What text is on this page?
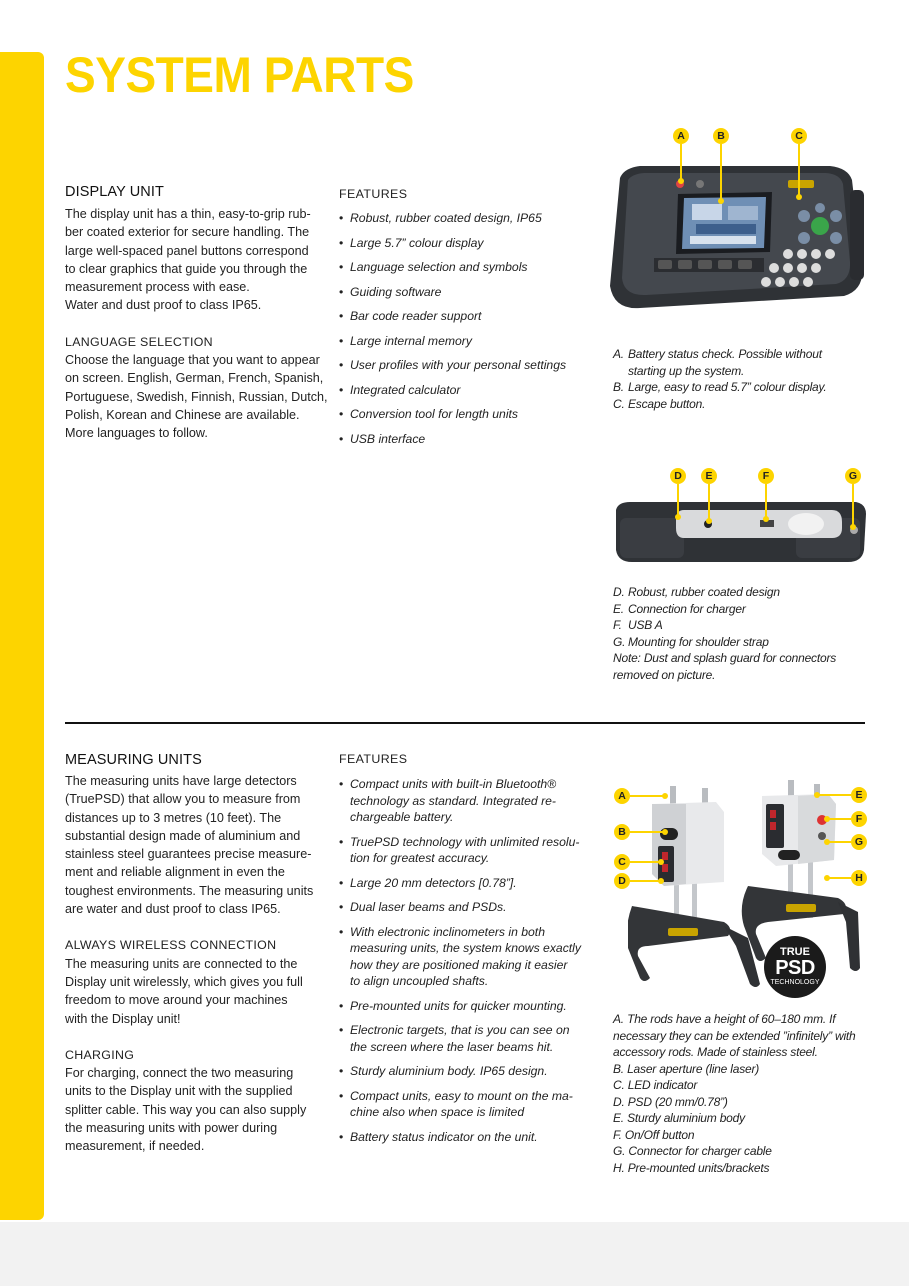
SYSTEM PARTS
DISPLAY UNIT
The display unit has a thin, easy-to-grip rub-
ber coated exterior for secure handling. The
large well-spaced panel buttons correspond
to clear graphics that guide you through the
measurement process with ease.
Water and dust proof to class IP65.
LANGUAGE SELECTION
Choose the language that you want to appear
on screen. English, German, French, Spanish,
Portuguese, Swedish, Finnish, Russian, Dutch,
Polish, Korean and Chinese are available.
More languages to follow.
FEATURES
• Robust, rubber coated design, IP65
• Large 5.7” colour display
• Language selection and symbols
• Guiding software
• Bar code reader support
• Large internal memory
• User profiles with your personal settings
• Integrated calculator
• Conversion tool for length units
• USB interface
A	B	C
A. Battery status check. Possible without
starting up the system.
B. Large, easy to read 5.7” colour display.
C. Escape button.
D	E	F	G
D. Robust, rubber coated design
E. Connection for charger
F. USB A
G. Mounting for shoulder strap
Note: Dust and splash guard for connectors
removed on picture.
MEASURING UNITS
The measuring units have large detectors
(TruePSD) that allow you to measure from
distances up to 3 metres (10 feet). The
substantial design made of aluminium and
stainless steel guarantees precise measure-
ment and reliable alignment in even the
toughest environments. The measuring units
are water and dust proof to class IP65.
ALWAYS WIRELESS CONNECTION
The measuring units are connected to the
Display unit wirelessly, which gives you full
freedom to move around your machines
with the Display unit!
CHARGING
For charging, connect the two measuring
units to the Display unit with the supplied
splitter cable. This way you can also supply
the measuring units with power during
measurement, if needed.
FEATURES
• Compact units with built-in Bluetooth®
technology as standard. Integrated re-
chargeable battery.
• TruePSD technology with unlimited resolu-
tion for greatest accuracy.
• Large 20 mm detectors [0.78”].
• Dual laser beams and PSDs.
• With electronic inclinometers in both
measuring units, the system knows exactly
how they are positioned making it easier
to align uncoupled shafts.
• Pre-mounted units for quicker mounting.
• Electronic targets, that is you can see on
the screen where the laser beams hit.
• Sturdy aluminium body. IP65 design.
• Compact units, easy to mount on the ma-
chine also when space is limited
• Battery status indicator on the unit.
TRUE
PSD
TECHNOLOGY
A
B
C
D
E
F
G
H
A. The rods have a height of 60–180 mm. If
necessary they can be extended ”infinitely” with
accessory rods. Made of stainless steel.
B. Laser aperture (line laser)
C. LED indicator
D. PSD (20 mm/0.78”)
E. Sturdy aluminium body
F. On/Off button
G. Connector for charger cable
H. Pre-mounted units/brackets
